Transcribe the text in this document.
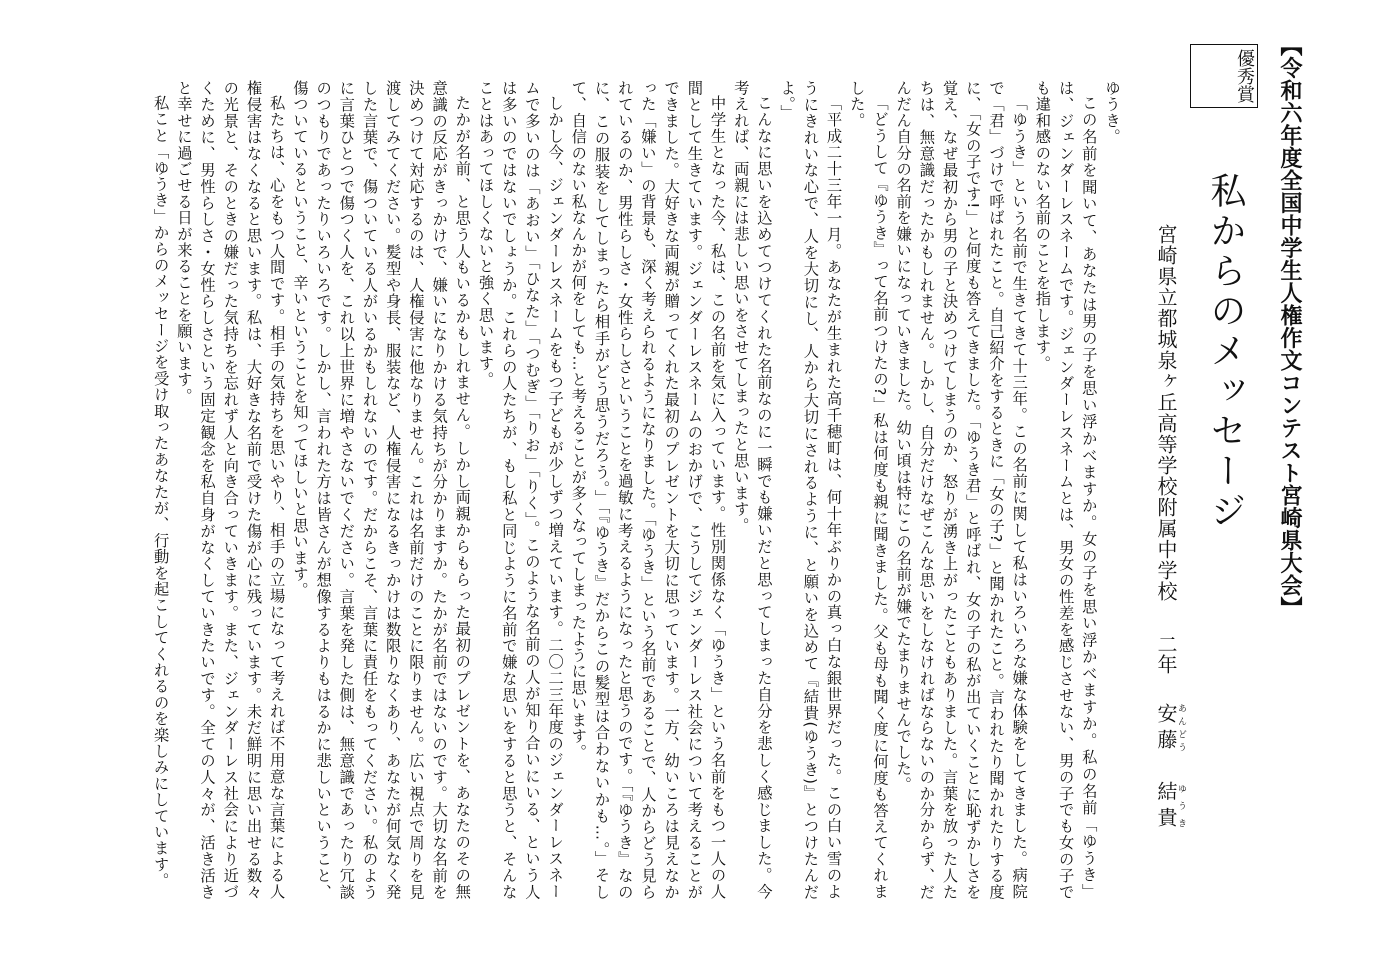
【令和六年度全国中学生人権作文コンテスト宮崎県大会】
優秀賞
私からのメッセージ
宮崎県立都城泉ヶ丘高等学校附属中学校 二年 安藤あんどう　結貴ゆうき

ゆうき。

この名前を聞いて、あなたは男の子を思い浮かべますか。女の子を思い浮かべますか。私の名前「ゆうき」は、ジェンダーレスネームです。ジェンダーレスネームとは、男女の性差を感じさせない、男の子でも女の子でも違和感のない名前のことを指します。

「ゆうき」という名前で生きてきて十三年。この名前に関して私はいろいろな嫌な体験をしてきました。病院で「君」づけで呼ばれたこと。自己紹介をするときに「女の子?」と聞かれたこと。言われたり聞かれたりする度に、「女の子です!」と何度も答えてきました。「ゆうき君」と呼ばれ、女の子の私が出ていくことに恥ずかしさを覚え、なぜ最初から男の子と決めつけてしまうのか、怒りが湧き上がったこともありました。言葉を放った人たちは、無意識だったかもしれません。しかし、自分だけなぜこんな思いをしなければならないのか分からず、だんだん自分の名前を嫌いになっていきました。幼い頃は特にこの名前が嫌でたまりませんでした。

「どうして『ゆうき』って名前つけたの?」私は何度も親に聞きました。父も母も聞く度に何度も答えてくれました。

「平成二十三年一月。あなたが生まれた高千穂町は、何十年ぶりかの真っ白な銀世界だった。この白い雪のようにきれいな心で、人を大切にし、人から大切にされるように、と願いを込めて『結貴(ゆうき)』とつけたんだよ。」

こんなに思いを込めてつけてくれた名前なのに一瞬でも嫌いだと思ってしまった自分を悲しく感じました。今考えれば、両親には悲しい思いをさせてしまったと思います。

中学生となった今、私は、この名前を気に入っています。性別関係なく「ゆうき」という名前をもつ一人の人間として生きています。ジェンダーレスネームのおかげで、こうしてジェンダーレス社会について考えることができました。大好きな両親が贈ってくれた最初のプレゼントを大切に思っています。一方、幼いころは見えなかった「嫌い」の背景も、深く考えられるようになりました。「ゆうき」という名前であることで、人からどう見られているのか、男性らしさ・女性らしさということを過敏に考えるようになったと思うのです。「『ゆうき』なのに、この服装をしてしまったら相手がどう思うだろう。」「『ゆうき』だからこの髪型は合わないかも…。」そして、自信のない私なんかが何をしても…と考えることが多くなってしまったように思います。

しかし今、ジェンダーレスネームをもつ子どもが少しずつ増えています。二〇二三年度のジェンダーレスネームで多いのは「あおい」「ひなた」「つむぎ」「りお」「りく」。このような名前の人が知り合いにいる、という人は多いのではないでしょうか。これらの人たちが、もし私と同じように名前で嫌な思いをすると思うと、そんなことはあってほしくないと強く思います。

たかが名前、と思う人もいるかもしれません。しかし両親からもらった最初のプレゼントを、あなたのその無意識の反応がきっかけで、嫌いになりかける気持ちが分かりますか。たかが名前ではないのです。大切な名前を決めつけて対応するのは、人権侵害に他なりません。これは名前だけのことに限りません。広い視点で周りを見渡してみてください。髪型や身長、服装など、人権侵害になるきっかけは数限りなくあり、あなたが何気なく発した言葉で、傷ついている人がいるかもしれないのです。だからこそ、言葉に責任をもってください。私のように言葉ひとつで傷つく人を、これ以上世界に増やさないでください。言葉を発した側は、無意識であったり冗談のつもりであったりいろいろです。しかし、言われた方は皆さんが想像するよりもはるかに悲しいということ、傷ついているということ、辛いということを知ってほしいと思います。

私たちは、心をもつ人間です。相手の気持ちを思いやり、相手の立場になって考えれば不用意な言葉による人権侵害はなくなると思います。私は、大好きな名前で受けた傷が心に残っています。未だ鮮明に思い出せる数々の光景と、そのときの嫌だった気持ちを忘れず人と向き合っていきます。また、ジェンダーレス社会により近づくために、男性らしさ・女性らしさという固定観念を私自身がなくしていきたいです。全ての人々が、活き活きと幸せに過ごせる日が来ることを願います。

私こと「ゆうき」からのメッセージを受け取ったあなたが、行動を起こしてくれるのを楽しみにしています。
